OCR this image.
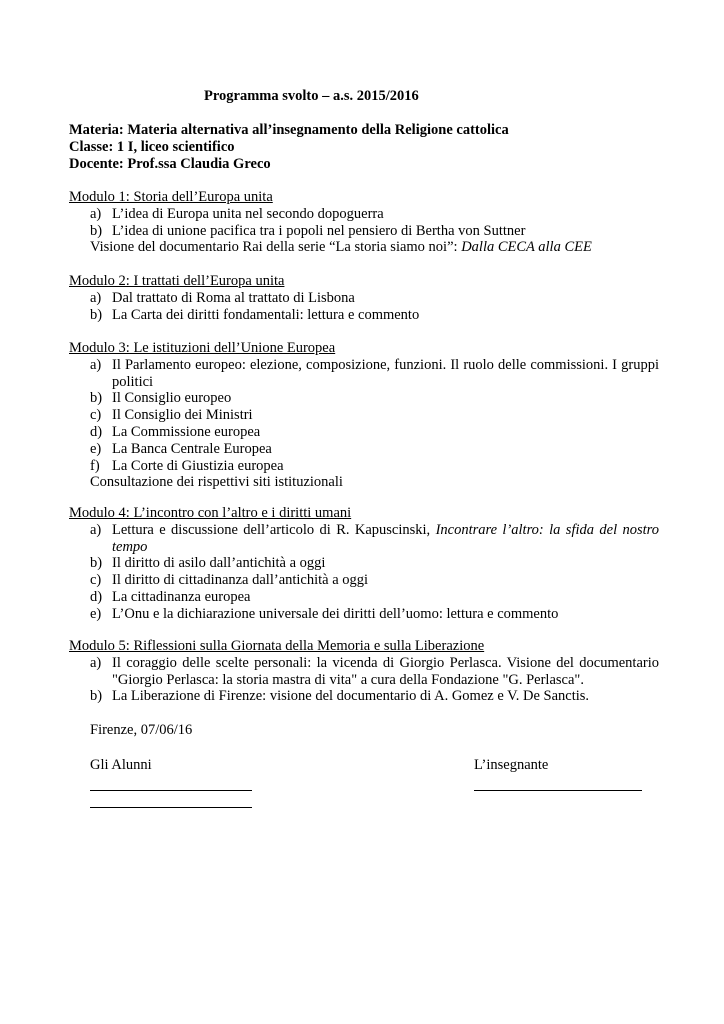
Programma svolto – a.s. 2015/2016
Materia: Materia alternativa all’insegnamento della Religione cattolica
Classe: 1 I, liceo scientifico
Docente: Prof.ssa Claudia Greco
Modulo 1: Storia dell’Europa unita
a) L’idea di Europa unita nel secondo dopoguerra
b) L’idea di unione pacifica tra i popoli nel pensiero di Bertha von Suttner
Visione del documentario Rai della serie “La storia siamo noi”: Dalla CECA alla CEE
Modulo 2: I trattati dell’Europa unita
a) Dal trattato di Roma al trattato di Lisbona
b) La Carta dei diritti fondamentali: lettura e commento
Modulo 3: Le istituzioni dell’Unione Europea
a) Il Parlamento europeo: elezione, composizione, funzioni. Il ruolo delle commissioni. I gruppi politici
b) Il Consiglio europeo
c) Il Consiglio dei Ministri
d) La Commissione europea
e) La Banca Centrale Europea
f) La Corte di Giustizia europea
Consultazione dei rispettivi siti istituzionali
Modulo 4: L’incontro con l’altro e i diritti umani
a) Lettura e discussione dell’articolo di R. Kapuscinski, Incontrare l’altro: la sfida del nostro tempo
b) Il diritto di asilo dall’antichità a oggi
c) Il diritto di cittadinanza dall’antichità a oggi
d) La cittadinanza europea
e) L’Onu e la dichiarazione universale dei diritti dell’uomo: lettura e commento
Modulo 5: Riflessioni sulla Giornata della Memoria e sulla Liberazione
a) Il coraggio delle scelte personali: la vicenda di Giorgio Perlasca. Visione del documentario "Giorgio Perlasca: la storia mastra di vita" a cura della Fondazione "G. Perlasca".
b) La Liberazione di Firenze: visione del documentario di A. Gomez e V. De Sanctis.
Firenze, 07/06/16
Gli Alunni	L’insegnante
